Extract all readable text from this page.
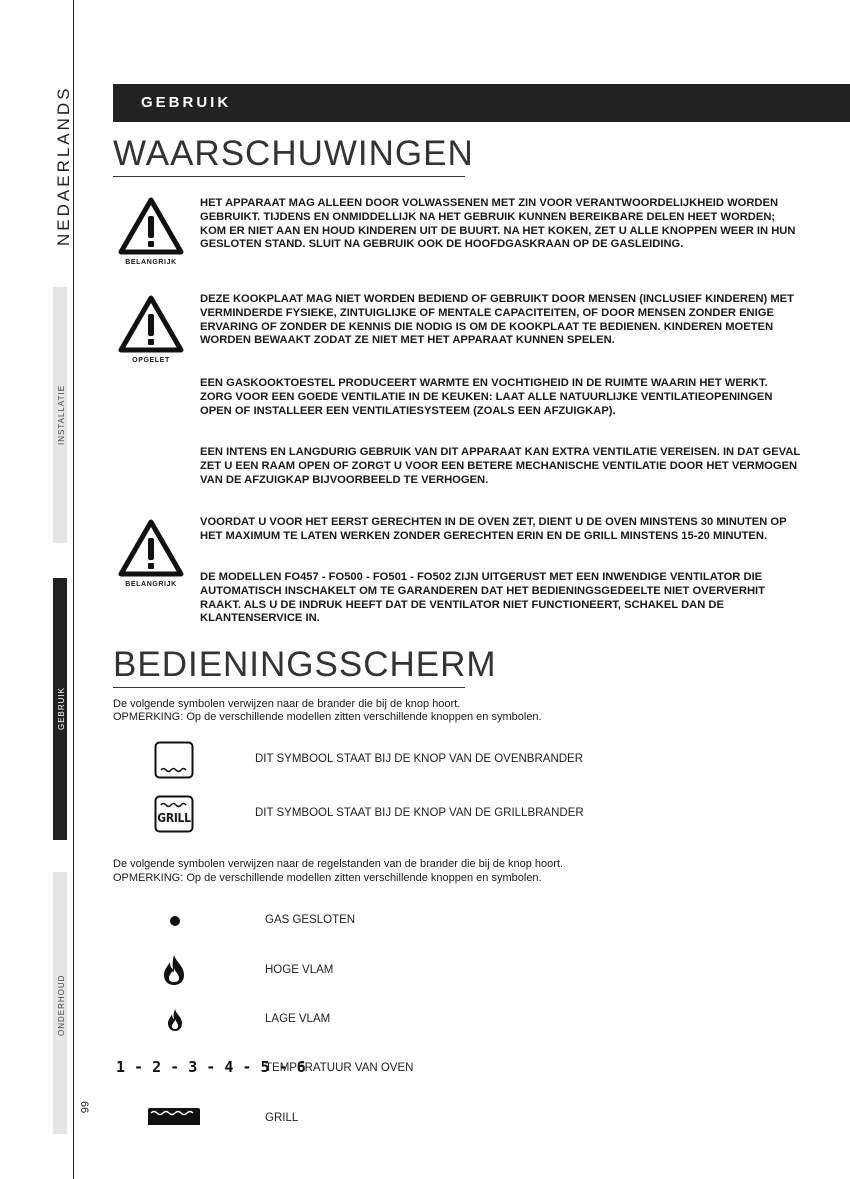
NEDAERLANDS
INSTALLATIE
GEBRUIK
ONDERHOUD
66
GEBRUIK
WAARSCHUWINGEN
BELANGRIJK
OPGELET
BELANGRIJK
HET APPARAAT MAG ALLEEN DOOR VOLWASSENEN MET ZIN VOOR VERANTWOORDELIJKHEID WORDEN GEBRUIKT. TIJDENS EN ONMIDDELLIJK NA HET GEBRUIK KUNNEN BEREIKBARE DELEN HEET WORDEN; KOM ER NIET AAN EN HOUD KINDEREN UIT DE BUURT. NA HET KOKEN, ZET U ALLE KNOPPEN WEER IN HUN GESLOTEN STAND. SLUIT NA GEBRUIK OOK DE HOOFDGASKRAAN OP DE GASLEIDING.
DEZE KOOKPLAAT MAG NIET WORDEN BEDIEND OF GEBRUIKT DOOR MENSEN (INCLUSIEF KINDEREN) MET VERMINDERDE FYSIEKE, ZINTUIGLIJKE OF MENTALE CAPACITEITEN, OF DOOR MENSEN ZONDER ENIGE ERVARING OF ZONDER DE KENNIS DIE NODIG IS OM DE KOOKPLAAT TE BEDIENEN. KINDEREN MOETEN WORDEN BEWAAKT ZODAT ZE NIET MET HET APPARAAT KUNNEN SPELEN.
EEN GASKOOKTOESTEL PRODUCEERT WARMTE EN VOCHTIGHEID IN DE RUIMTE WAARIN HET WERKT. ZORG VOOR EEN GOEDE VENTILATIE IN DE KEUKEN: LAAT ALLE NATUURLIJKE VENTILATIEOPENINGEN OPEN OF INSTALLEER EEN VENTILATIESYSTEEM (ZOALS EEN AFZUIGKAP).
EEN INTENS EN LANGDURIG GEBRUIK VAN DIT APPARAAT KAN EXTRA VENTILATIE VEREISEN. IN DAT GEVAL ZET U EEN RAAM OPEN OF ZORGT U VOOR EEN BETERE MECHANISCHE VENTILATIE DOOR HET VERMOGEN VAN DE AFZUIGKAP BIJVOORBEELD TE VERHOGEN.
VOORDAT U VOOR HET EERST GERECHTEN IN DE OVEN ZET, DIENT U DE OVEN MINSTENS 30 MINUTEN OP HET MAXIMUM TE LATEN WERKEN ZONDER GERECHTEN ERIN EN DE GRILL MINSTENS 15-20 MINUTEN.
DE MODELLEN FO457 - FO500 - FO501 - FO502 ZIJN UITGERUST MET EEN INWENDIGE VENTILATOR DIE AUTOMATISCH INSCHAKELT OM TE GARANDEREN DAT HET BEDIENINGSGEDEELTE NIET OVERVERHIT RAAKT. ALS U DE INDRUK HEEFT DAT DE VENTILATOR NIET FUNCTIONEERT, SCHAKEL DAN DE KLANTENSERVICE IN.
BEDIENINGSSCHERM
De volgende symbolen verwijzen naar de brander die bij de knop hoort.
OPMERKING: Op de verschillende modellen zitten verschillende knoppen en symbolen.
DIT SYMBOOL STAAT BIJ DE KNOP VAN DE OVENBRANDER
GRILL	DIT SYMBOOL STAAT BIJ DE KNOP VAN DE GRILLBRANDER
De volgende symbolen verwijzen naar de regelstanden van de brander die bij de knop hoort.
OPMERKING: Op de verschillende modellen zitten verschillende knoppen en symbolen.
GAS GESLOTEN
HOGE VLAM
LAGE VLAM
1 - 2 - 3 - 4 - 5 - 6
TEMPERATUUR VAN OVEN
GRILL
